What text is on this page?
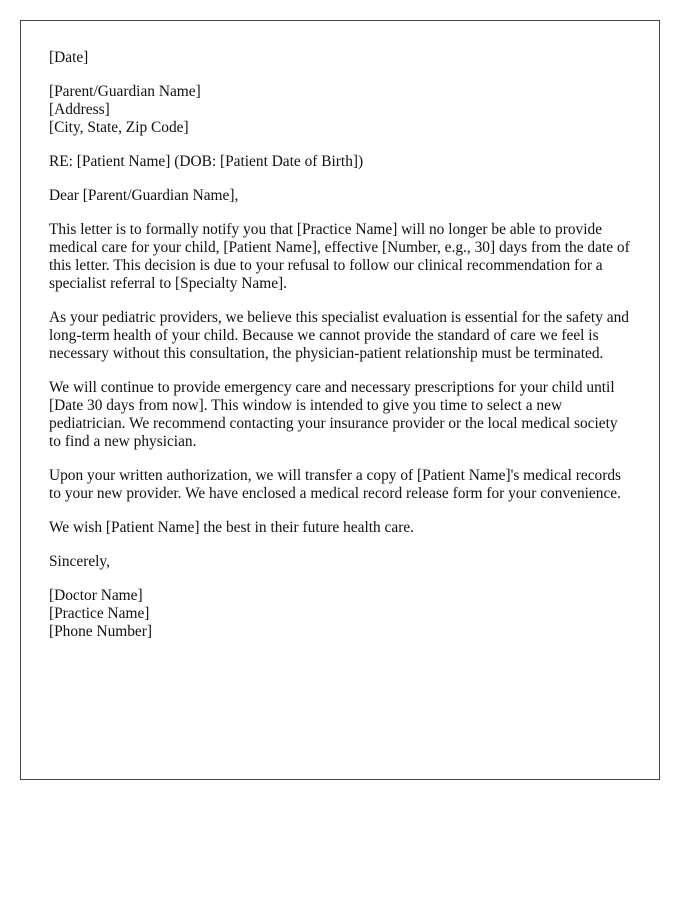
[Date]

[Parent/Guardian Name]
[Address]
[City, State, Zip Code]

RE: [Patient Name] (DOB: [Patient Date of Birth])

Dear [Parent/Guardian Name],

This letter is to formally notify you that [Practice Name] will no longer be able to provide medical care for your child, [Patient Name], effective [Number, e.g., 30] days from the date of this letter. This decision is due to your refusal to follow our clinical recommendation for a specialist referral to [Specialty Name].

As your pediatric providers, we believe this specialist evaluation is essential for the safety and long-term health of your child. Because we cannot provide the standard of care we feel is necessary without this consultation, the physician-patient relationship must be terminated.

We will continue to provide emergency care and necessary prescriptions for your child until [Date 30 days from now]. This window is intended to give you time to select a new pediatrician. We recommend contacting your insurance provider or the local medical society to find a new physician.

Upon your written authorization, we will transfer a copy of [Patient Name]'s medical records to your new provider. We have enclosed a medical record release form for your convenience.

We wish [Patient Name] the best in their future health care.

Sincerely,

[Doctor Name]
[Practice Name]
[Phone Number]
